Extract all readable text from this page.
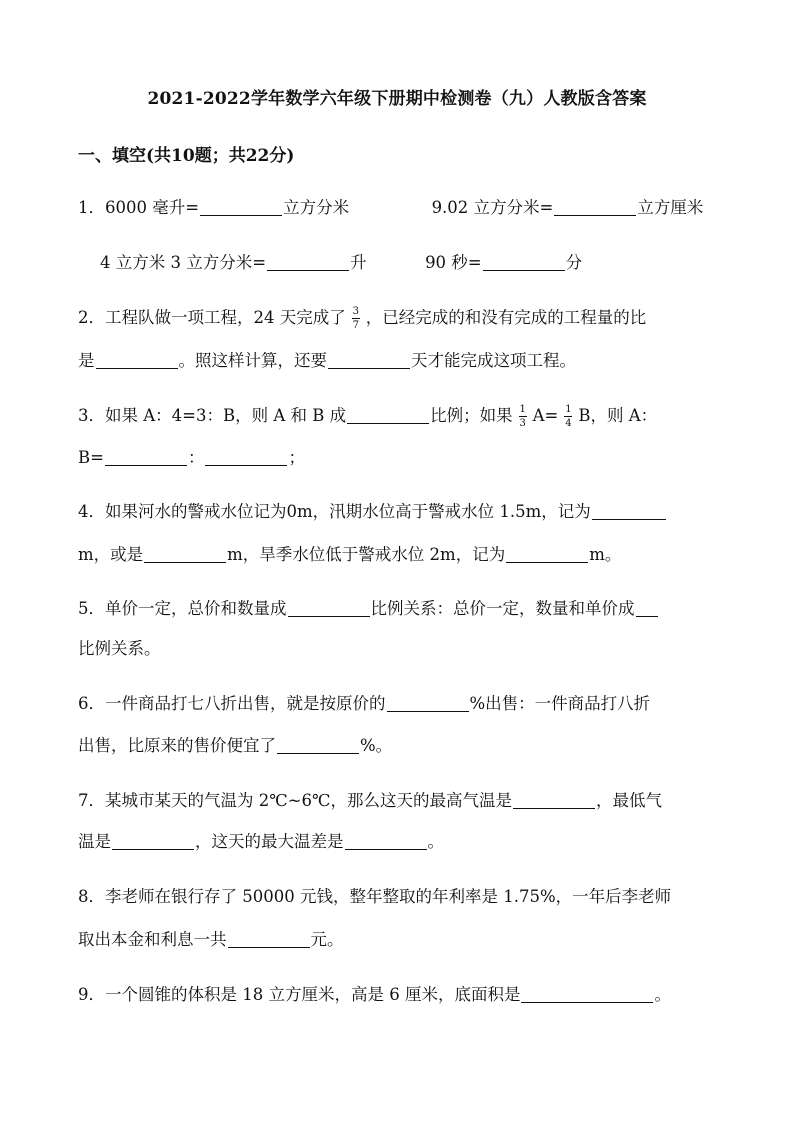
2021-2022学年数学六年级下册期中检测卷（九）人教版含答案
一、填空(共10题；共22分)
1．6000 毫升=	立方分米	9.02 立方分米=	立方厘米
4 立方米 3 立方分米=	升	90 秒=	分
2．工程队做一项工程，24 天完成了 $\frac{3}{7}$ ，已经完成的和没有完成的工程量的比
是	。照这样计算，还要	天才能完成这项工程。
3．如果 A：4=3：B，则 A 和 B 成	比例；如果 $\frac{1}{3} A= \frac{1}{4}$ B，则 A：
B=	：	；
4．如果河水的警戒水位记为0m，汛期水位高于警戒水位 1.5m，记为
m，或是	m，旱季水位低于警戒水位 2m，记为	m。
5．单价一定，总价和数量成	比例关系：总价一定，数量和单价成
比例关系。
6．一件商品打七八折出售，就是按原价的	%出售：一件商品打八折
出售，比原来的售价便宜了	%。
7．某城市某天的气温为 2℃~6℃，那么这天的最高气温是	，最低气
温是	，这天的最大温差是	。
8．李老师在银行存了 50000 元钱，整年整取的年利率是 1.75%，一年后李老师
取出本金和利息一共	元。
9．一个圆锥的体积是 18 立方厘米，高是 6 厘米，底面积是	。
